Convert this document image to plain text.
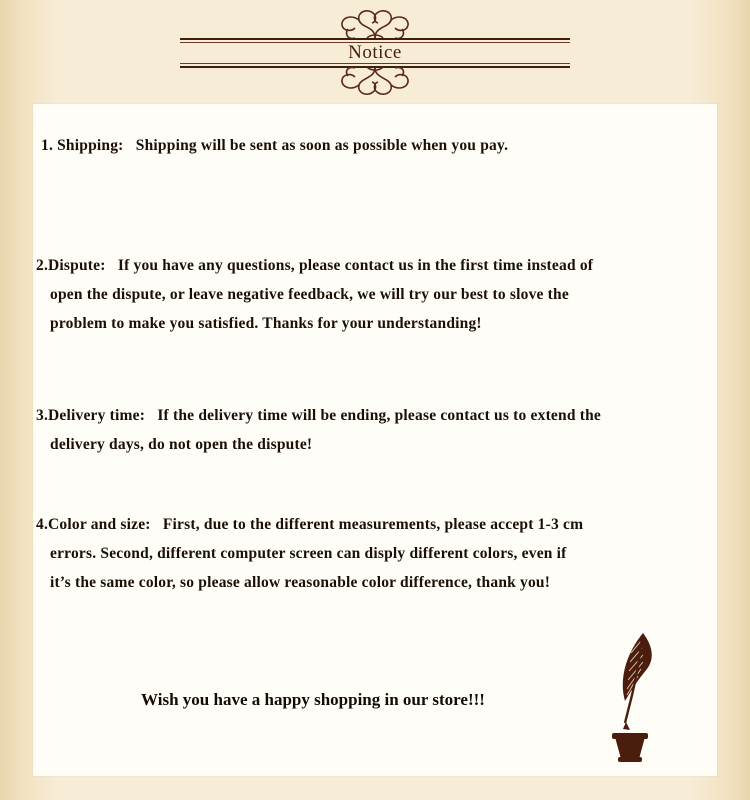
Notice

1. Shipping: Shipping will be sent as soon as possible when you pay.

2.Dispute: If you have any questions, please contact us in the first time instead of

open the dispute, or leave negative feedback, we will try our best to slove the

problem to make you satisfied. Thanks for your understanding!

3.Delivery time: If the delivery time will be ending, please contact us to extend the

delivery days, do not open the dispute!

4.Color and size: First, due to the different measurements, please accept 1-3 cm

errors. Second, different computer screen can disply different colors, even if

it’s the same color, so please allow reasonable color difference, thank you!

Wish you have a happy shopping in our store!!!
